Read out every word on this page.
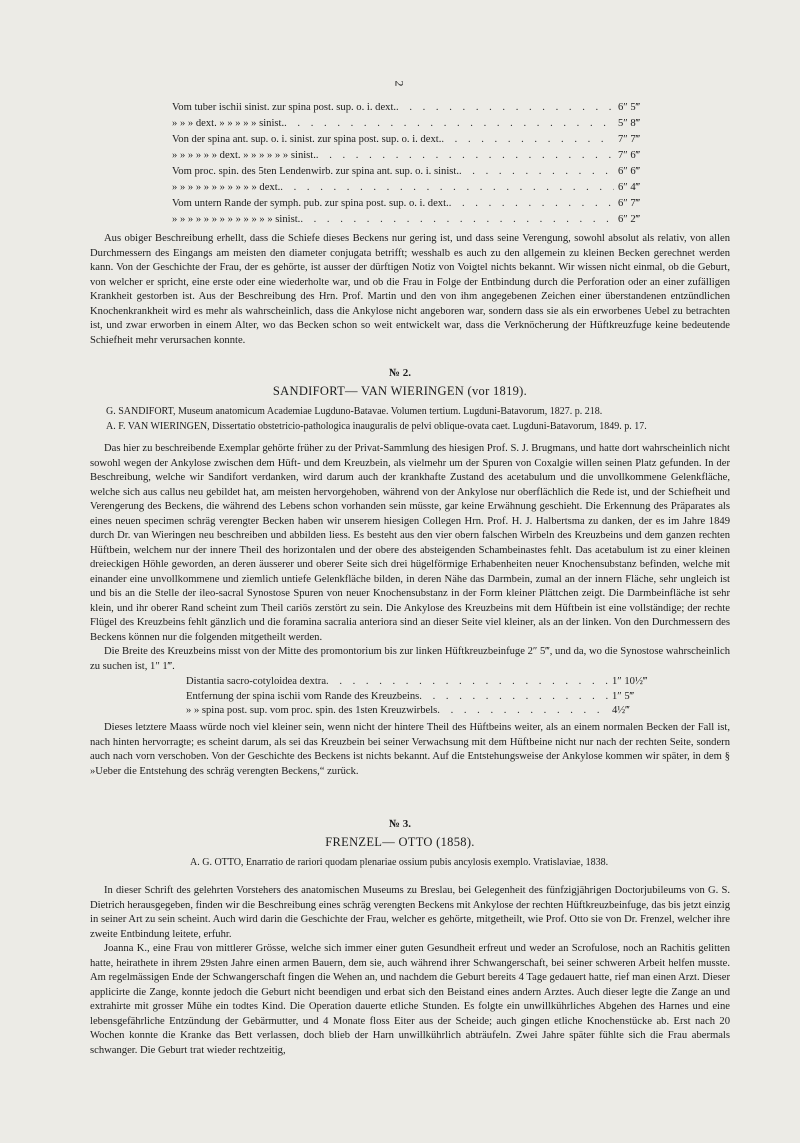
2
Vom tuber ischii sinist. zur spina post. sup. o. i. dext. . . .	6″ 5‴
» » » dext. » » » » » sinist. . . .	5″ 8‴
Von der spina ant. sup. o. i. sinist. zur spina post. sup. o. i. dext. . . .	7″ 7‴
» » » » » » dext. » » » » » » sinist. . . .	7″ 6‴
Vom proc. spin. des 5ten Lendenwirb. zur spina ant. sup. o. i. sinist. . . .	6″ 6‴
» » » » » » » » » » » dext. . . .	6″ 4‴
Vom untern Rande der symph. pub. zur spina post. sup. o. i. dext. . . .	6″ 7‴
» » » » » » » » » » » » » sinist. . . .	6″ 2‴

Aus obiger Beschreibung erhellt, dass die Schiefe dieses Beckens nur gering ist, und dass seine Verengung, sowohl absolut als relativ, von allen Durchmessern des Eingangs am meisten den diameter conjugata betrifft; wesshalb es auch zu den allgemein zu kleinen Becken gerechnet werden kann. Von der Geschichte der Frau, der es gehörte, ist ausser der dürftigen Notiz von Voigtel nichts bekannt. Wir wissen nicht einmal, ob die Geburt, von welcher er spricht, eine erste oder eine wiederholte war, und ob die Frau in Folge der Entbindung durch die Perforation oder an einer zufälligen Krankheit gestorben ist. Aus der Beschreibung des Hrn. Prof. Martin und den von ihm angegebenen Zeichen einer überstandenen entzündlichen Knochenkrankheit wird es mehr als wahrscheinlich, dass die Ankylose nicht angeboren war, sondern dass sie als ein erworbenes Uebel zu betrachten ist, und zwar erworben in einem Alter, wo das Becken schon so weit entwickelt war, dass die Verknöcherung der Hüftkreuzfuge keine bedeutende Schiefheit mehr verursachen konnte.

№ 2.
SANDIFORT— VAN WIERINGEN (vor 1819).
G. SANDIFORT, Museum anatomicum Academiae Lugduno-Batavae. Volumen tertium. Lugduni-Batavorum, 1827. p. 218.
A. F. VAN WIERINGEN, Dissertatio obstetricio-pathologica inauguralis de pelvi oblique-ovata caet. Lugduni-Batavorum, 1849. p. 17.

Das hier zu beschreibende Exemplar gehörte früher zu der Privat-Sammlung des hiesigen Prof. S. J. Brugmans, und hatte dort wahrscheinlich nicht sowohl wegen der Ankylose zwischen dem Hüft- und dem Kreuzbein, als vielmehr um der Spuren von Coxalgie willen seinen Platz gefunden. In der Beschreibung, welche wir Sandifort verdanken, wird darum auch der krankhafte Zustand des acetabulum und die unvollkommene Gelenkfläche, welche sich aus callus neu gebildet hat, am meisten hervorgehoben, während von der Ankylose nur oberflächlich die Rede ist, und der Schiefheit und Verengerung des Beckens, die während des Lebens schon vorhanden sein müsste, gar keine Erwähnung geschieht. Die Erkennung des Präparates als eines neuen specimen schräg verengter Becken haben wir unserem hiesigen Collegen Hrn. Prof. H. J. Halbertsma zu danken, der es im Jahre 1849 durch Dr. van Wieringen neu beschreiben und abbilden liess. Es besteht aus den vier obern falschen Wirbeln des Kreuzbeins und dem ganzen rechten Hüftbein, welchem nur der innere Theil des horizontalen und der obere des absteigenden Schambeinastes fehlt. Das acetabulum ist zu einer kleinen dreieckigen Höhle geworden, an deren äusserer und oberer Seite sich drei hügelförmige Erhabenheiten neuer Knochensubstanz befinden, welche mit einander eine unvollkommene und ziemlich untiefe Gelenkfläche bilden, in deren Nähe das Darmbein, zumal an der innern Fläche, sehr ungleich ist und bis an die Stelle der ileo-sacral Synostose Spuren von neuer Knochensubstanz in der Form kleiner Plättchen zeigt. Die Darmbeinfläche ist sehr klein, und ihr oberer Rand scheint zum Theil cariös zerstört zu sein. Die Ankylose des Kreuzbeins mit dem Hüftbein ist eine vollständige; der rechte Flügel des Kreuzbeins fehlt gänzlich und die foramina sacralia anteriora sind an dieser Seite viel kleiner, als an der linken. Von den Durchmessern des Beckens können nur die folgenden mitgetheilt werden.

Die Breite des Kreuzbeins misst von der Mitte des promontorium bis zur linken Hüftkreuzbeinfuge 2″ 5‴, und da, wo die Synostose wahrscheinlich zu suchen ist, 1″ 1‴.

Distantia sacro-cotyloidea dextra . . .	1″ 10½‴
Entfernung der spina ischii vom Rande des Kreuzbeins . . .	1″ 5‴
» » spina post. sup. vom proc. spin. des 1sten Kreuzwirbels . . .	4½‴

Dieses letztere Maass würde noch viel kleiner sein, wenn nicht der hintere Theil des Hüftbeins weiter, als an einem normalen Becken der Fall ist, nach hinten hervorragte; es scheint darum, als sei das Kreuzbein bei seiner Verwachsung mit dem Hüftbeine nicht nur nach der rechten Seite, sondern auch nach vorn verschoben. Von der Geschichte des Beckens ist nichts bekannt. Auf die Entstehungsweise der Ankylose kommen wir später, in dem § »Ueber die Entstehung des schräg verengten Beckens,“ zurück.

№ 3.
FRENZEL— OTTO (1858).
A. G. OTTO, Enarratio de rariori quodam plenariae ossium pubis ancylosis exemplo. Vratislaviae, 1838.

In dieser Schrift des gelehrten Vorstehers des anatomischen Museums zu Breslau, bei Gelegenheit des fünfzigjährigen Doctorjubileums von G. S. Dietrich herausgegeben, finden wir die Beschreibung eines schräg verengten Beckens mit Ankylose der rechten Hüftkreuzbeinfuge, das bis jetzt einzig in seiner Art zu sein scheint. Auch wird darin die Geschichte der Frau, welcher es gehörte, mitgetheilt, wie Prof. Otto sie von Dr. Frenzel, welcher ihre zweite Entbindung leitete, erfuhr.

Joanna K., eine Frau von mittlerer Grösse, welche sich immer einer guten Gesundheit erfreut und weder an Scrofulose, noch an Rachitis gelitten hatte, heirathete in ihrem 29sten Jahre einen armen Bauern, dem sie, auch während ihrer Schwangerschaft, bei seiner schweren Arbeit helfen musste. Am regelmässigen Ende der Schwangerschaft fingen die Wehen an, und nachdem die Geburt bereits 4 Tage gedauert hatte, rief man einen Arzt. Dieser applicirte die Zange, konnte jedoch die Geburt nicht beendigen und erbat sich den Beistand eines andern Arztes. Auch dieser legte die Zange an und extrahirte mit grosser Mühe ein todtes Kind. Die Operation dauerte etliche Stunden. Es folgte ein unwillkührliches Abgehen des Harnes und eine lebensgefährliche Entzündung der Gebärmutter, und 4 Monate floss Eiter aus der Scheide; auch gingen etliche Knochenstücke ab. Erst nach 20 Wochen konnte die Kranke das Bett verlassen, doch blieb der Harn unwillkührlich abträufeln. Zwei Jahre später fühlte sich die Frau abermals schwanger. Die Geburt trat wieder rechtzeitig,
